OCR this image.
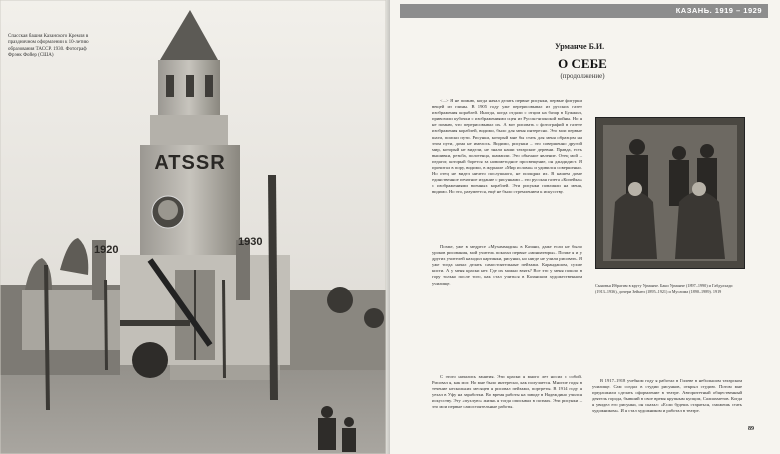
ATSSR
1920
1930
Спасская башня Казанского Кремля в праздничном оформлении к 10-летию образования ТАССР. 1930. Фотограф Фрэнк Фойер (США)
КАЗАНЬ. 1919 – 1929
Урманче Б.И.
О СЕБЕ
(продолжение)

<...> Я не помню, когда начал делать первые рисунки, первые фигурки вещей из глины. В 1905 году уже перерисовывал из русских газет изображения кораблей. Иногда, когда отдали с отцом на базар в Бужжил, привозили кубочки с изображениями сцен из Русско-японской войны. Но я не помню, что перерисовывал их. А вот рисовать с фотографий в газете изображения кораблей, видимо, было для меня интересно. Это мои первые шаги, поиски пути. Рисунки, который мне бы стать для меня образцом на этом пути, дома не имелось. Видимо, рисунки – это совершенно другой мир, который не видели, не знали наши татарские деревни. Правда, есть вышивки, резьба, полотенца, шамаили. Это обычное явление. Отец мой – педагог, который борется за новометодное просвещение, он джадидист. Я прочитал в пору, видимо, в журнале «Мир ислама» и удивился совершенно. Но отец не видел ничего послушного, не поощрял их. В нашем доме единственное печатное издание с рисунками – это русская газета «Копейка» с изображениями военных кораблей. Эти рисунки повлияли на меня, видимо. Но это, разумеется, ещё не было стремлением к искусству.

Позже, уже в медресе «Мухаммадия» в Казани, даже если не было уроков рисования, мой учитель показал первые «миниатюры». Позже я и у других учителей находил картинки, рисунки, но нигде не учили рисовать. Я уже тогда начал делать самостоятельные пейзажи. Карандашом, сухие кисти. А у меня краски нет. Где их можно взять? Все это у меня пошло в гору только после того, как стал учиться в Казанском художественном училище.

С этого начались занятия. Эти краски я много лет носил с собой. Рисовал я, как мог. Но мне было интересно, как получается. Многие годы в течение нескольких месяцев я рисовал пейзажи, портреты. В 1914 году я уехал в Уфу на заработки. Во время работы на заводе в Надеждино учился искусству. Эту «пухлую» жизнь я тогда описывал в поэмах. Эти рисунки – это мои первые самостоятельные работы.

Сыновья Ибрагим в кругу Урманче. Баки Урманче (1897–1990) и Габдулхади (1913–1936), дочери Зейнеп (1895–1921) и Муслима (1890–1989). 1919

В 1917–1918 учебном году я работал в Гилеве в небольшом татарском училище. Сам создал в студии рисунков, открыл студию. Потом мне предложили сделать оформление в театре. Авторитетный общественный деятель города, бывший в свое время крупным купцом, Салиахметов. Когда я увидел его рисунки, он сказал: «Если будешь стараться, сможешь стать художником». И я стал художником и работал в театре.

89
